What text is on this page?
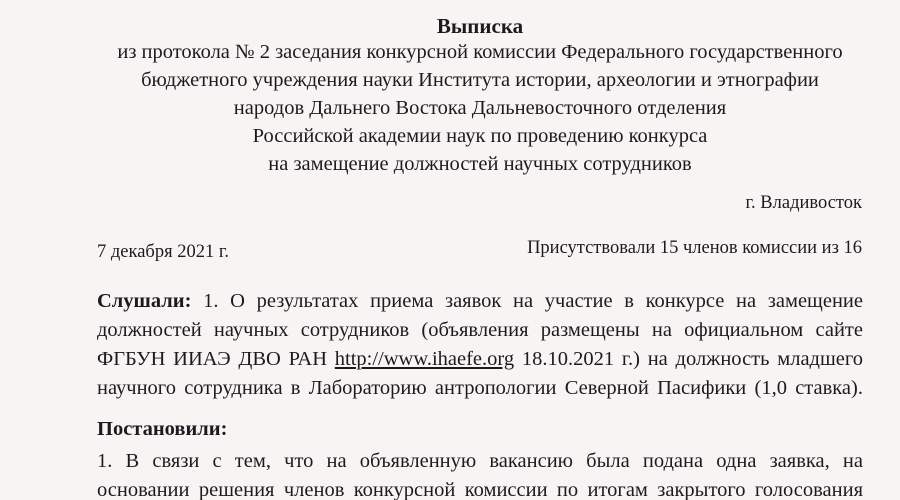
Выписка
из протокола № 2 заседания конкурсной комиссии Федерального государственного
бюджетного учреждения науки Института истории, археологии и этнографии
народов Дальнего Востока Дальневосточного отделения
Российской академии наук по проведению конкурса
на замещение должностей научных сотрудников
г. Владивосток
7 декабря 2021 г.	Присутствовали 15 членов комиссии из 16
Слушали: 1. О результатах приема заявок на участие в конкурсе на замещение
должностей научных сотрудников (объявления размещены на официальном сайте
ФГБУН ИИАЭ ДВО РАН http://www.ihaefe.org 18.10.2021 г.) на должность младшего
научного сотрудника в Лабораторию антропологии Северной Пасифики (1,0 ставка).
Постановили:
1. В связи с тем, что на объявленную вакансию была подана одна заявка, на
основании решения членов конкурсной комиссии по итогам закрытого голосования
